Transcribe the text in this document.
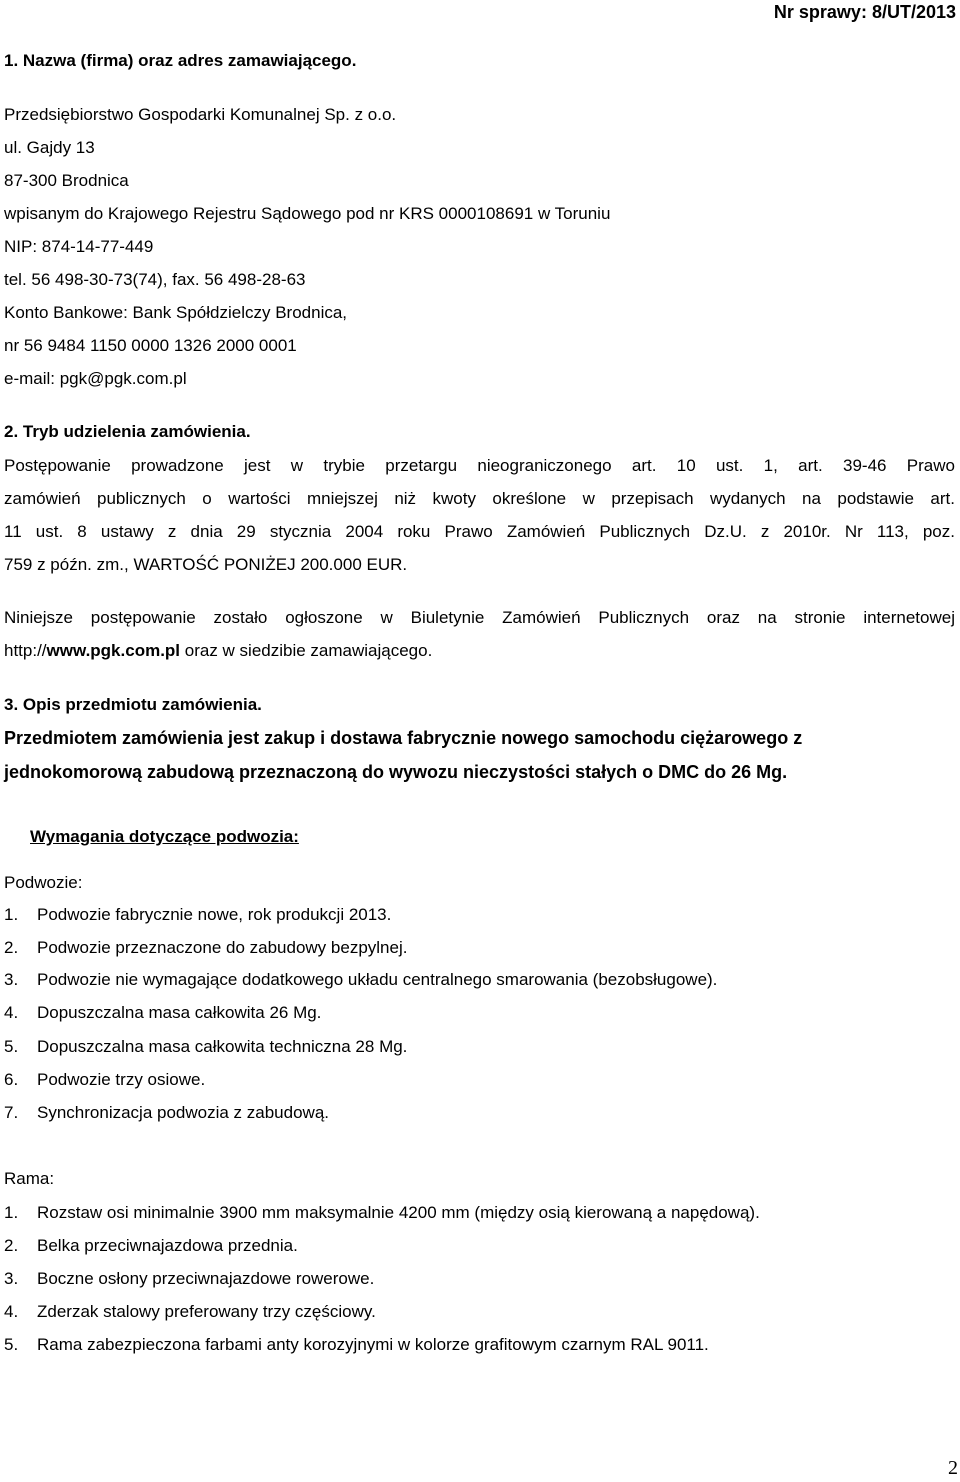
Nr sprawy: 8/UT/2013
1. Nazwa (firma) oraz adres zamawiającego.
Przedsiębiorstwo Gospodarki Komunalnej Sp. z o.o.
ul. Gajdy 13
87-300 Brodnica
wpisanym do Krajowego Rejestru Sądowego pod nr KRS 0000108691 w Toruniu
NIP: 874-14-77-449
tel. 56 498-30-73(74), fax. 56 498-28-63
Konto Bankowe: Bank Spółdzielczy Brodnica,
nr 56 9484 1150 0000 1326 2000 0001
e-mail: pgk@pgk.com.pl
2. Tryb udzielenia zamówienia.
Postępowanie prowadzone jest w trybie przetargu nieograniczonego art. 10 ust. 1, art. 39-46 Prawo
zamówień publicznych o wartości mniejszej niż kwoty określone w przepisach wydanych na podstawie art.
11 ust. 8 ustawy z dnia 29 stycznia 2004 roku Prawo Zamówień Publicznych Dz.U. z 2010r. Nr 113, poz.
759 z późn. zm., WARTOŚĆ PONIŻEJ 200.000 EUR.
Niniejsze postępowanie zostało ogłoszone w Biuletynie Zamówień Publicznych oraz na stronie internetowej
http://www.pgk.com.pl oraz w siedzibie zamawiającego.
3. Opis przedmiotu zamówienia.
Przedmiotem zamówienia jest zakup i dostawa fabrycznie nowego samochodu ciężarowego z
jednokomorową zabudową przeznaczoną do wywozu nieczystości stałych o DMC do 26 Mg.
Wymagania dotyczące podwozia:
Podwozie:
1. Podwozie fabrycznie nowe, rok produkcji 2013.
2. Podwozie przeznaczone do zabudowy bezpylnej.
3. Podwozie nie wymagające dodatkowego układu centralnego smarowania (bezobsługowe).
4. Dopuszczalna masa całkowita 26 Mg.
5. Dopuszczalna masa całkowita techniczna 28 Mg.
6. Podwozie trzy osiowe.
7. Synchronizacja podwozia z zabudową.
Rama:
1. Rozstaw osi minimalnie 3900 mm maksymalnie 4200 mm (między osią kierowaną a napędową).
2. Belka przeciwnajazdowa przednia.
3. Boczne osłony przeciwnajazdowe rowerowe.
4. Zderzak stalowy preferowany trzy częściowy.
5. Rama zabezpieczona farbami anty korozyjnymi w kolorze grafitowym czarnym RAL 9011.
2
